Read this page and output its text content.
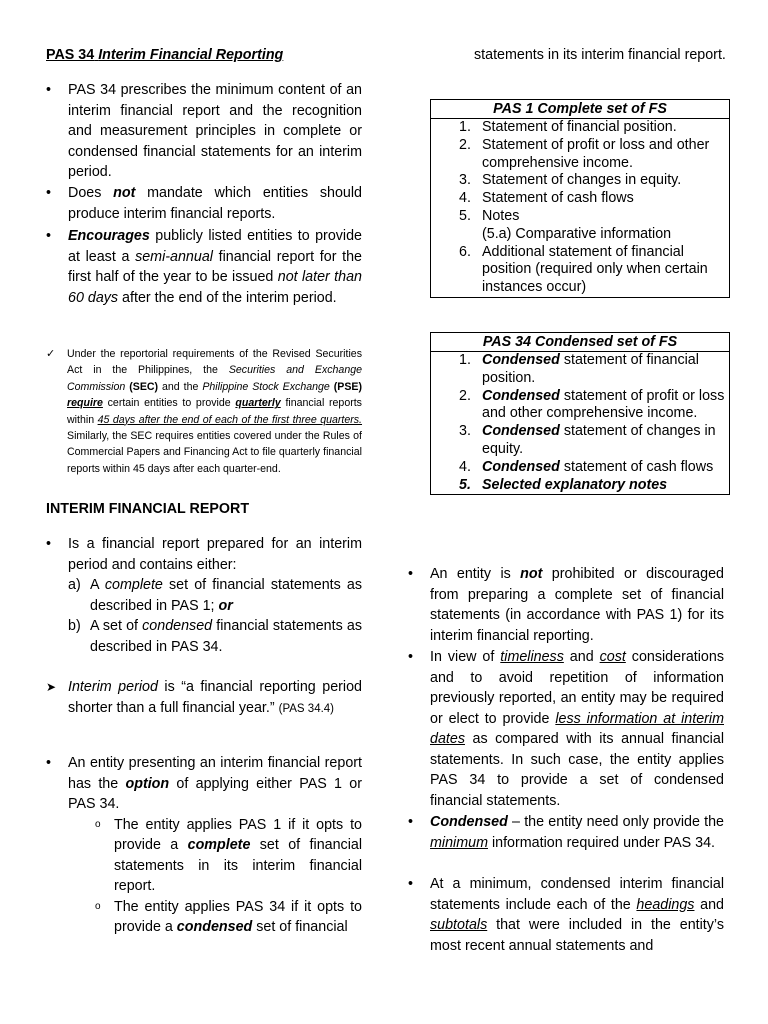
PAS 34 Interim Financial Reporting
• PAS 34 prescribes the minimum content of an interim financial report and the recognition and measurement principles in complete or condensed financial statements for an interim period.
• Does not mandate which entities should produce interim financial reports.
• Encourages publicly listed entities to provide at least a semi-annual financial report for the first half of the year to be issued not later than 60 days after the end of the interim period.
✓ Under the reportorial requirements of the Revised Securities Act in the Philippines, the Securities and Exchange Commission (SEC) and the Philippine Stock Exchange (PSE) require certain entities to provide quarterly financial reports within 45 days after the end of each of the first three quarters. Similarly, the SEC requires entities covered under the Rules of Commercial Papers and Financing Act to file quarterly financial reports within 45 days after each quarter-end.
INTERIM FINANCIAL REPORT
• Is a financial report prepared for an interim period and contains either:
a) A complete set of financial statements as described in PAS 1; or
b) A set of condensed financial statements as described in PAS 34.
➤ Interim period is “a financial reporting period shorter than a full financial year.” (PAS 34.4)
• An entity presenting an interim financial report has the option of applying either PAS 1 or PAS 34.
o The entity applies PAS 1 if it opts to provide a complete set of financial statements in its interim financial report.
o The entity applies PAS 34 if it opts to provide a condensed set of financial
statements in its interim financial report.
PAS 1 Complete set of FS
1. Statement of financial position.
2. Statement of profit or loss and other comprehensive income.
3. Statement of changes in equity.
4. Statement of cash flows
5. Notes
(5.a) Comparative information
6. Additional statement of financial position (required only when certain instances occur)
PAS 34 Condensed set of FS
1. Condensed statement of financial position.
2. Condensed statement of profit or loss and other comprehensive income.
3. Condensed statement of changes in equity.
4. Condensed statement of cash flows
5. Selected explanatory notes
• An entity is not prohibited or discouraged from preparing a complete set of financial statements (in accordance with PAS 1) for its interim financial reporting.
• In view of timeliness and cost considerations and to avoid repetition of information previously reported, an entity may be required or elect to provide less information at interim dates as compared with its annual financial statements. In such case, the entity applies PAS 34 to provide a set of condensed financial statements.
• Condensed – the entity need only provide the minimum information required under PAS 34.
• At a minimum, condensed interim financial statements include each of the headings and subtotals that were included in the entity’s most recent annual statements and
